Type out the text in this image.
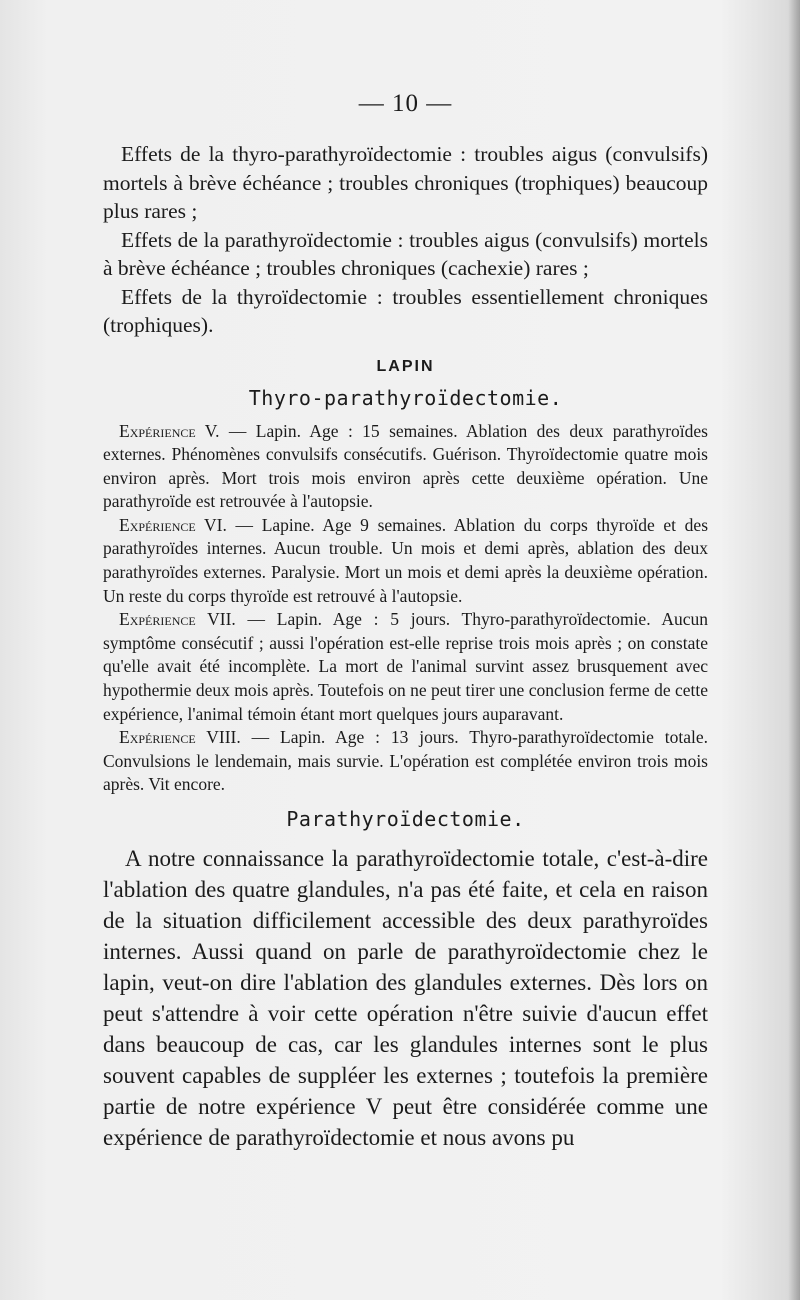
— 10 —

Effets de la thyro-parathyroïdectomie : troubles aigus (convulsifs) mortels à brève échéance ; troubles chroniques (trophiques) beaucoup plus rares ;

Effets de la parathyroïdectomie : troubles aigus (convulsifs) mortels à brève échéance ; troubles chroniques (cachexie) rares ;

Effets de la thyroïdectomie : troubles essentiellement chroniques (trophiques).

LAPIN
Thyro-parathyroïdectomie.

Expérience V. — Lapin. Age : 15 semaines. Ablation des deux parathyroïdes externes. Phénomènes convulsifs consécutifs. Guérison. Thyroïdectomie quatre mois environ après. Mort trois mois environ après cette deuxième opération. Une parathyroïde est retrouvée à l'autopsie.

Expérience VI. — Lapine. Age 9 semaines. Ablation du corps thyroïde et des parathyroïdes internes. Aucun trouble. Un mois et demi après, ablation des deux parathyroïdes externes. Paralysie. Mort un mois et demi après la deuxième opération. Un reste du corps thyroïde est retrouvé à l'autopsie.

Expérience VII. — Lapin. Age : 5 jours. Thyro-parathyroïdectomie. Aucun symptôme consécutif ; aussi l'opération est-elle reprise trois mois après ; on constate qu'elle avait été incomplète. La mort de l'animal survint assez brusquement avec hypothermie deux mois après. Toutefois on ne peut tirer une conclusion ferme de cette expérience, l'animal témoin étant mort quelques jours auparavant.

Expérience VIII. — Lapin. Age : 13 jours. Thyro-parathyroïdectomie totale. Convulsions le lendemain, mais survie. L'opération est complétée environ trois mois après. Vit encore.

Parathyroïdectomie.

A notre connaissance la parathyroïdectomie totale, c'est-à-dire l'ablation des quatre glandules, n'a pas été faite, et cela en raison de la situation difficilement accessible des deux parathyroïdes internes. Aussi quand on parle de parathyroïdectomie chez le lapin, veut-on dire l'ablation des glandules externes. Dès lors on peut s'attendre à voir cette opération n'être suivie d'aucun effet dans beaucoup de cas, car les glandules internes sont le plus souvent capables de suppléer les externes ; toutefois la première partie de notre expérience V peut être considérée comme une expérience de parathyroïdectomie et nous avons pu
